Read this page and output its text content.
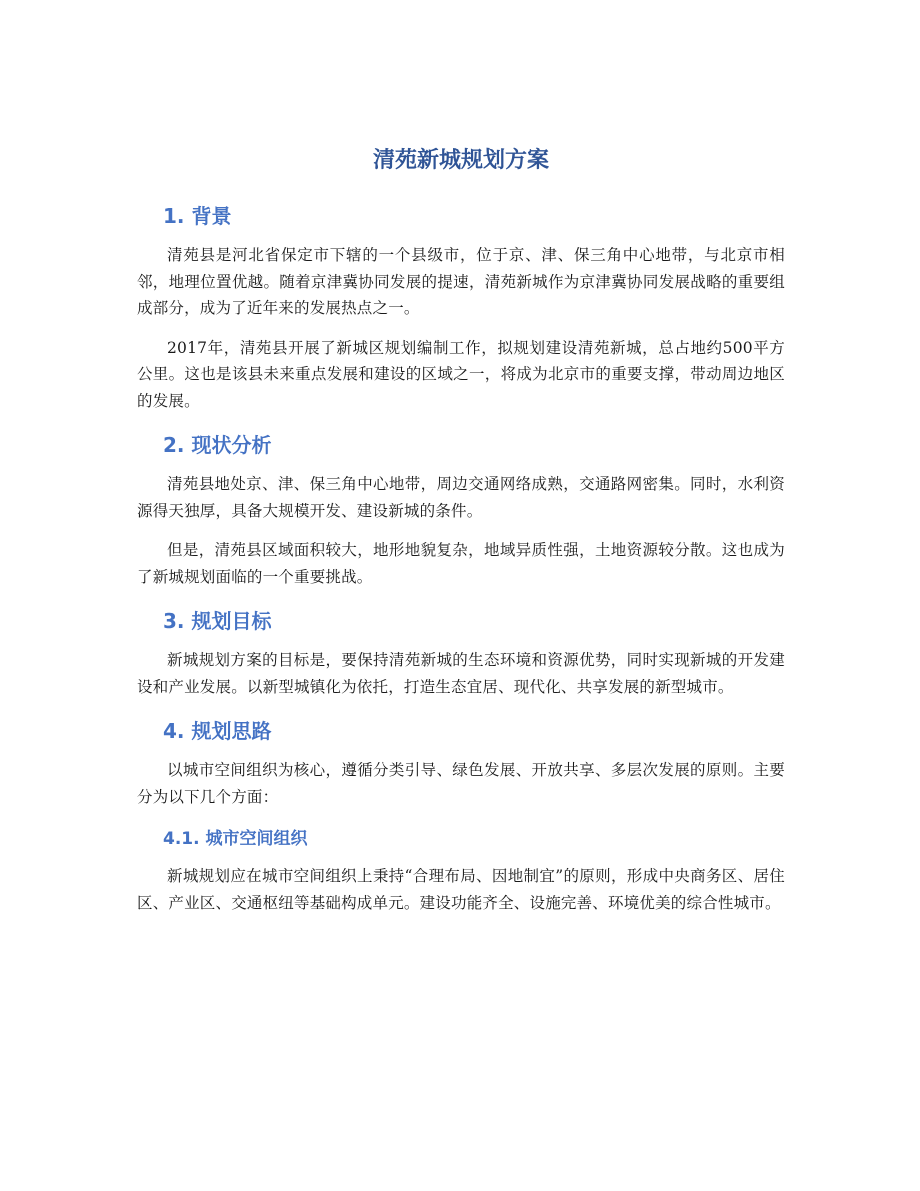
清苑新城规划方案
1. 背景

清苑县是河北省保定市下辖的一个县级市，位于京、津、保三角中心地带，与北京市相邻，地理位置优越。随着京津冀协同发展的提速，清苑新城作为京津冀协同发展战略的重要组成部分，成为了近年来的发展热点之一。

2017年，清苑县开展了新城区规划编制工作，拟规划建设清苑新城，总占地约500平方公里。这也是该县未来重点发展和建设的区域之一，将成为北京市的重要支撑，带动周边地区的发展。

2. 现状分析

清苑县地处京、津、保三角中心地带，周边交通网络成熟，交通路网密集。同时，水利资源得天独厚，具备大规模开发、建设新城的条件。

但是，清苑县区域面积较大，地形地貌复杂，地域异质性强，土地资源较分散。这也成为了新城规划面临的一个重要挑战。

3. 规划目标

新城规划方案的目标是，要保持清苑新城的生态环境和资源优势，同时实现新城的开发建设和产业发展。以新型城镇化为依托，打造生态宜居、现代化、共享发展的新型城市。

4. 规划思路

以城市空间组织为核心，遵循分类引导、绿色发展、开放共享、多层次发展的原则。主要分为以下几个方面：

4.1. 城市空间组织

新城规划应在城市空间组织上秉持“合理布局、因地制宜”的原则，形成中央商务区、居住区、产业区、交通枢纽等基础构成单元。建设功能齐全、设施完善、环境优美的综合性城市。
